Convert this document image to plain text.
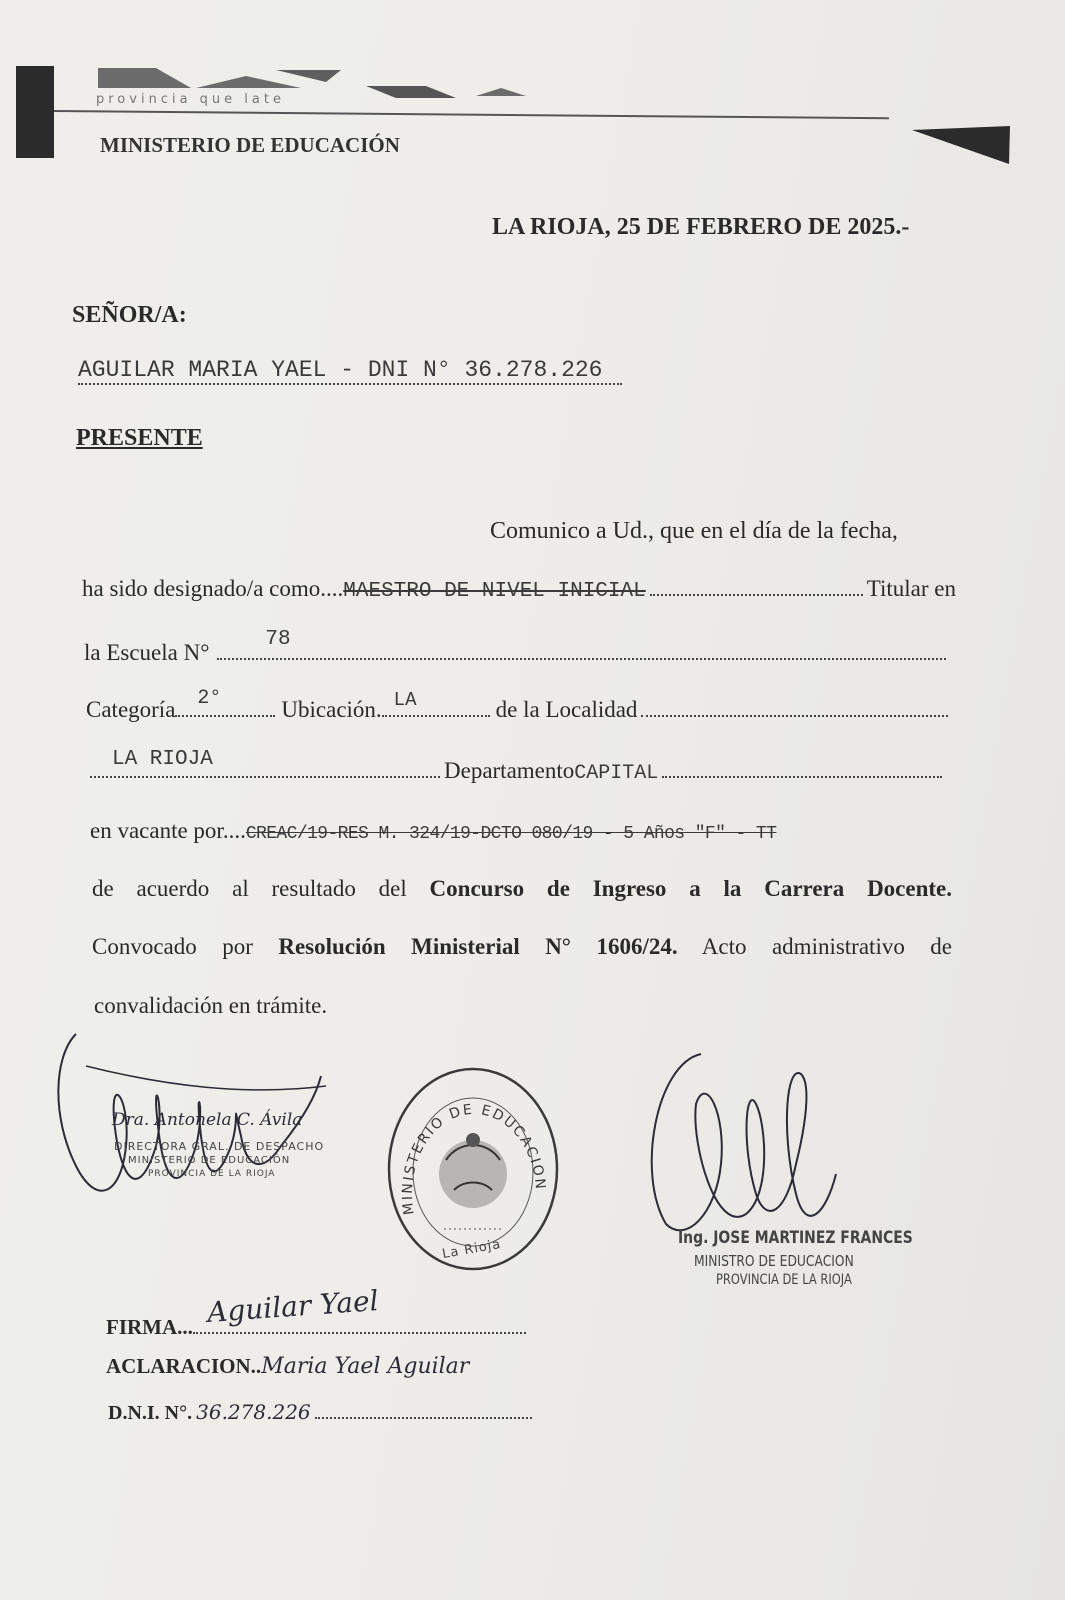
provincia que late
MINISTERIO DE EDUCACIÓN
LA RIOJA, 25 DE FEBRERO DE 2025.-
SEÑOR/A:
AGUILAR MARIA YAEL - DNI N° 36.278.226
PRESENTE
Comunico a Ud., que en el día de la fecha,
ha sido designado/a como.... MAESTRO DE NIVEL INICIAL	Titular en
la Escuela N°
78
Categoría 2°	Ubicación. LA	de la Localidad
LA RIOJA	Departamento CAPITAL
en vacante por.... CREAC/19-RES M. 324/19-DCTO 080/19 - 5 Años "F" - TT
de acuerdo al resultado del Concurso de Ingreso a la Carrera Docente.
Convocado por Resolución Ministerial N° 1606/24. Acto administrativo de
convalidación en trámite.
Dra. Antonela C. Ávila
DIRECTORA GRAL. DE DESPACHO
MINISTERIO DE EDUCACIÓN
PROVINCIA DE LA RIOJA
MINISTERIO DE EDUCACION
La Rioja	Ing. JOSE MARTINEZ FRANCES
MINISTRO DE EDUCACION
PROVINCIA DE LA RIOJA
FIRMA... Aguilar Yael
ACLARACION.. Maria Yael Aguilar
D.N.I. N°. 36.278.226
